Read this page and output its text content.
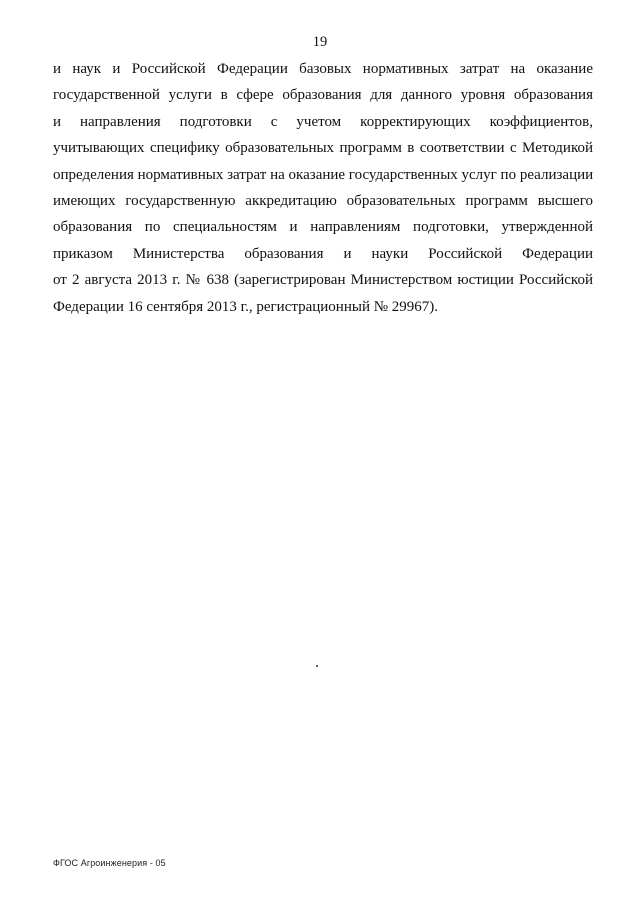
19
и наук и Российской Федерации базовых нормативных затрат на оказание
государственной услуги в сфере образования для данного уровня образования
и направления подготовки с учетом корректирующих коэффициентов,
учитывающих специфику образовательных программ в соответствии с Методикой
определения нормативных затрат на оказание государственных услуг по реализации
имеющих государственную аккредитацию образовательных программ высшего
образования по специальностям и направлениям подготовки, утвержденной
приказом Министерства образования и науки Российской Федерации
от 2 августа 2013 г. № 638 (зарегистрирован Министерством юстиции Российской
Федерации 16 сентября 2013 г., регистрационный № 29967).
ФГОС Агроинженерия - 05
